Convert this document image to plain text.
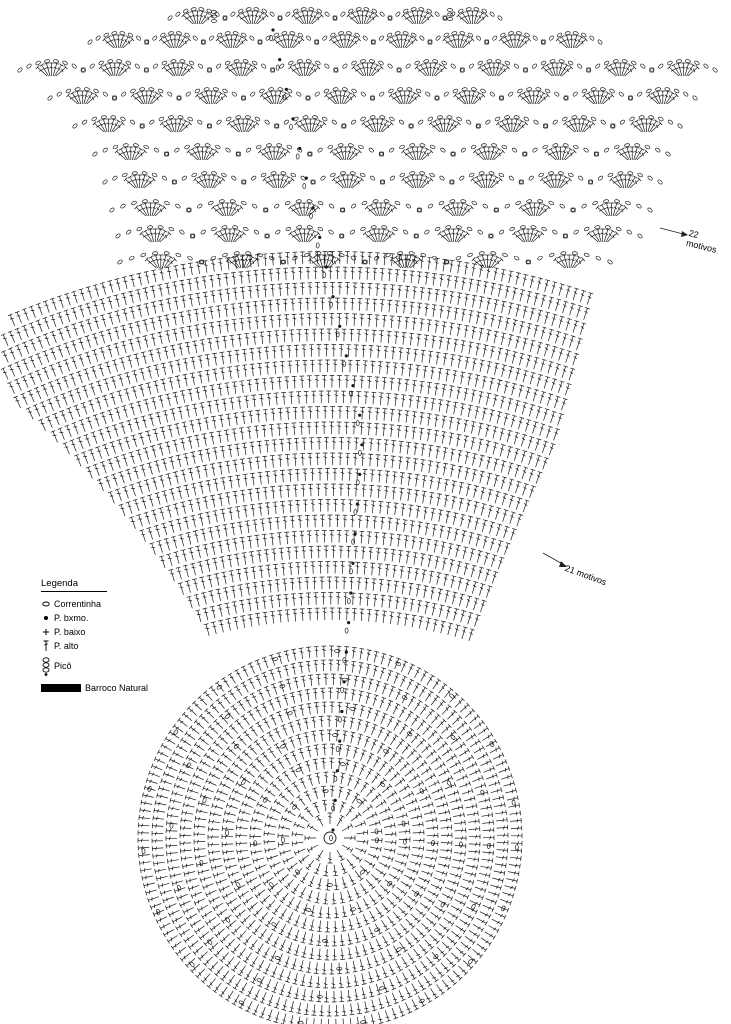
22 motivos
21 motivos
Legenda
Correntinha
P. bxmo.
P. baixo
P. alto
Picô
Barroco Natural
